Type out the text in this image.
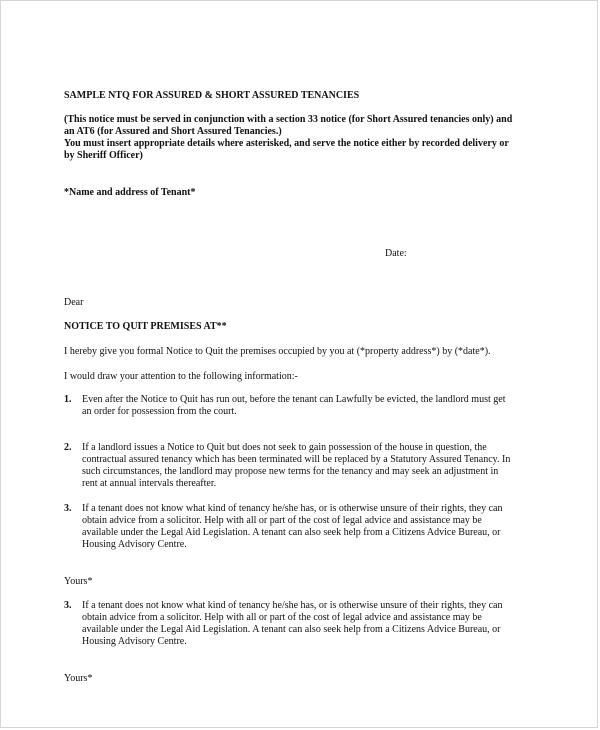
SAMPLE NTQ FOR ASSURED & SHORT ASSURED TENANCIES

(This notice must be served in conjunction with a section 33 notice (for Short Assured tenancies only) and
an AT6 (for Assured and Short Assured Tenancies.)
You must insert appropriate details where asterisked, and serve the notice either by recorded delivery or
by Sheriff Officer)

*Name and address of Tenant*

Date:

Dear

NOTICE TO QUIT PREMISES AT**

I hereby give you formal Notice to Quit the premises occupied by you at (*property address*) by (*date*).

I would draw your attention to the following information:-

1.	Even after the Notice to Quit has run out, before the tenant can Lawfully be evicted, the landlord must get
an order for possession from the court.
2.	If a landlord issues a Notice to Quit but does not seek to gain possession of the house in question, the
contractual assured tenancy which has been terminated will be replaced by a Statutory Assured Tenancy. In
such circumstances, the landlord may propose new terms for the tenancy and may seek an adjustment in
rent at annual intervals thereafter.
3.	If a tenant does not know what kind of tenancy he/she has, or is otherwise unsure of their rights, they can
obtain advice from a solicitor. Help with all or part of the cost of legal advice and assistance may be
available under the Legal Aid Legislation. A tenant can also seek help from a Citizens Advice Bureau, or
Housing Advisory Centre.

Yours*

3.	If a tenant does not know what kind of tenancy he/she has, or is otherwise unsure of their rights, they can
obtain advice from a solicitor. Help with all or part of the cost of legal advice and assistance may be
available under the Legal Aid Legislation. A tenant can also seek help from a Citizens Advice Bureau, or
Housing Advisory Centre.

Yours*
